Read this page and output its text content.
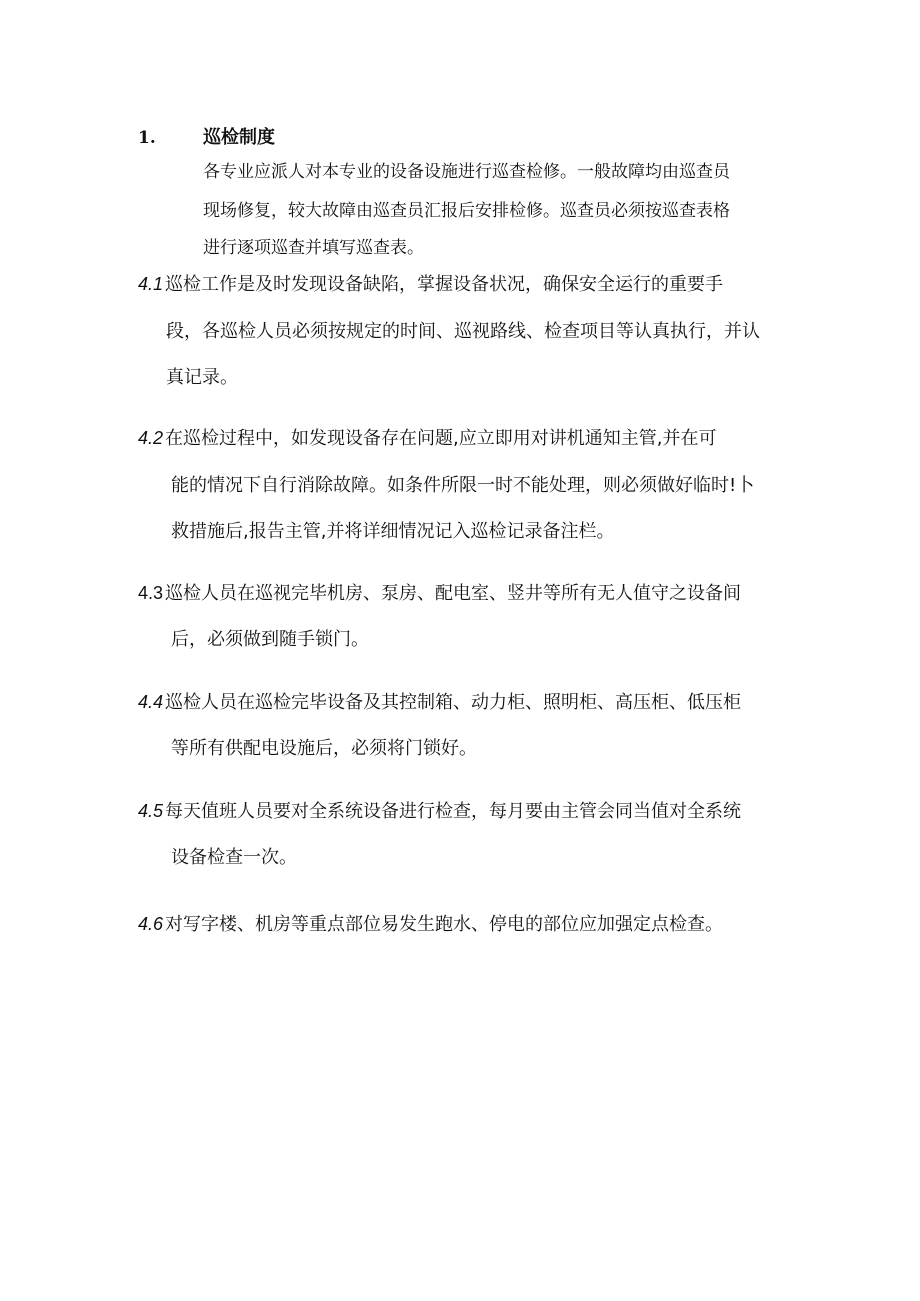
1.	巡检制度
各专业应派人对本专业的设备设施进行巡查检修。一般故障均由巡查员
现场修复，较大故障由巡查员汇报后安排检修。巡查员必须按巡查表格
进行逐项巡查并填写巡查表。
4.1 巡检工作是及时发现设备缺陷，掌握设备状况，确保安全运行的重要手
段，各巡检人员必须按规定的时间、巡视路线、检查项目等认真执行，并认
真记录。
4.2 在巡检过程中，如发现设备存在问题,应立即用对讲机通知主管,并在可
能的情况下自行消除故障。如条件所限一时不能处理，则必须做好临时!卜
救措施后,报告主管,并将详细情况记入巡检记录备注栏。
4.3 巡检人员在巡视完毕机房、泵房、配电室、竖井等所有无人值守之设备间
后，必须做到随手锁门。
4.4 巡检人员在巡检完毕设备及其控制箱、动力柜、照明柜、高压柜、低压柜
等所有供配电设施后，必须将门锁好。
4.5 每天值班人员要对全系统设备进行检查，每月要由主管会同当值对全系统
设备检查一次。
4.6 对写字楼、机房等重点部位易发生跑水、停电的部位应加强定点检查。
